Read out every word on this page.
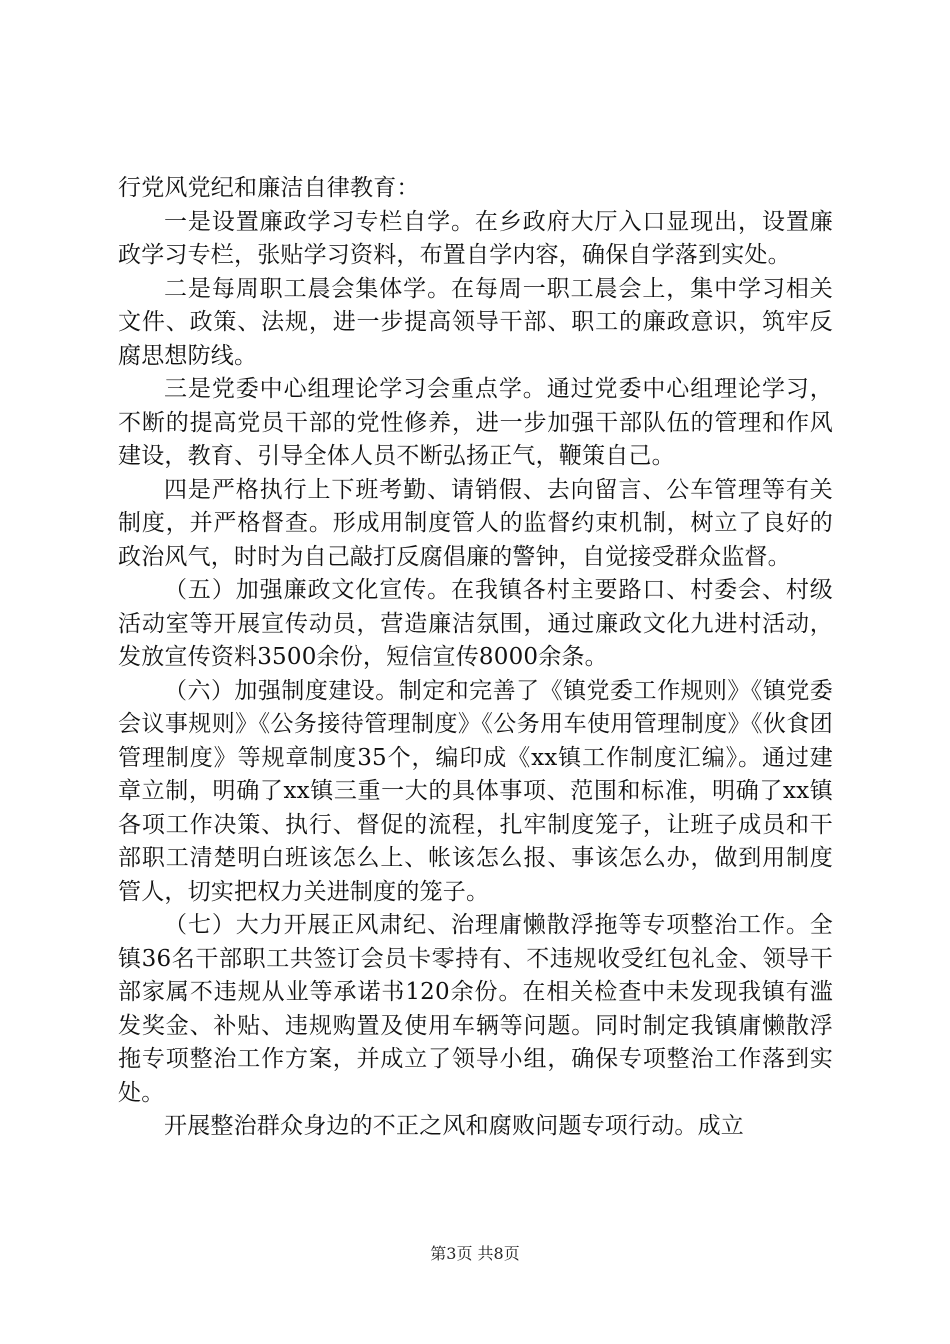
行党风党纪和廉洁自律教育：

一是设置廉政学习专栏自学。在乡政府大厅入口显现出，设置廉政学习专栏，张贴学习资料，布置自学内容，确保自学落到实处。

二是每周职工晨会集体学。在每周一职工晨会上，集中学习相关文件、政策、法规，进一步提高领导干部、职工的廉政意识，筑牢反腐思想防线。

三是党委中心组理论学习会重点学。通过党委中心组理论学习，不断的提高党员干部的党性修养，进一步加强干部队伍的管理和作风建设，教育、引导全体人员不断弘扬正气，鞭策自己。

四是严格执行上下班考勤、请销假、去向留言、公车管理等有关制度，并严格督查。形成用制度管人的监督约束机制，树立了良好的政治风气，时时为自己敲打反腐倡廉的警钟，自觉接受群众监督。

（五）加强廉政文化宣传。在我镇各村主要路口、村委会、村级活动室等开展宣传动员，营造廉洁氛围，通过廉政文化九进村活动，发放宣传资料3500余份，短信宣传8000余条。

（六）加强制度建设。制定和完善了《镇党委工作规则》《镇党委会议事规则》《公务接待管理制度》《公务用车使用管理制度》《伙食团管理制度》等规章制度35个，编印成《xx镇工作制度汇编》。通过建章立制，明确了xx镇三重一大的具体事项、范围和标准，明确了xx镇各项工作决策、执行、督促的流程，扎牢制度笼子，让班子成员和干部职工清楚明白班该怎么上、帐该怎么报、事该怎么办，做到用制度管人，切实把权力关进制度的笼子。

（七）大力开展正风肃纪、治理庸懒散浮拖等专项整治工作。全镇36名干部职工共签订会员卡零持有、不违规收受红包礼金、领导干部家属不违规从业等承诺书120余份。在相关检查中未发现我镇有滥发奖金、补贴、违规购置及使用车辆等问题。同时制定我镇庸懒散浮拖专项整治工作方案，并成立了领导小组，确保专项整治工作落到实处。

开展整治群众身边的不正之风和腐败问题专项行动。成立

第3页 共8页
